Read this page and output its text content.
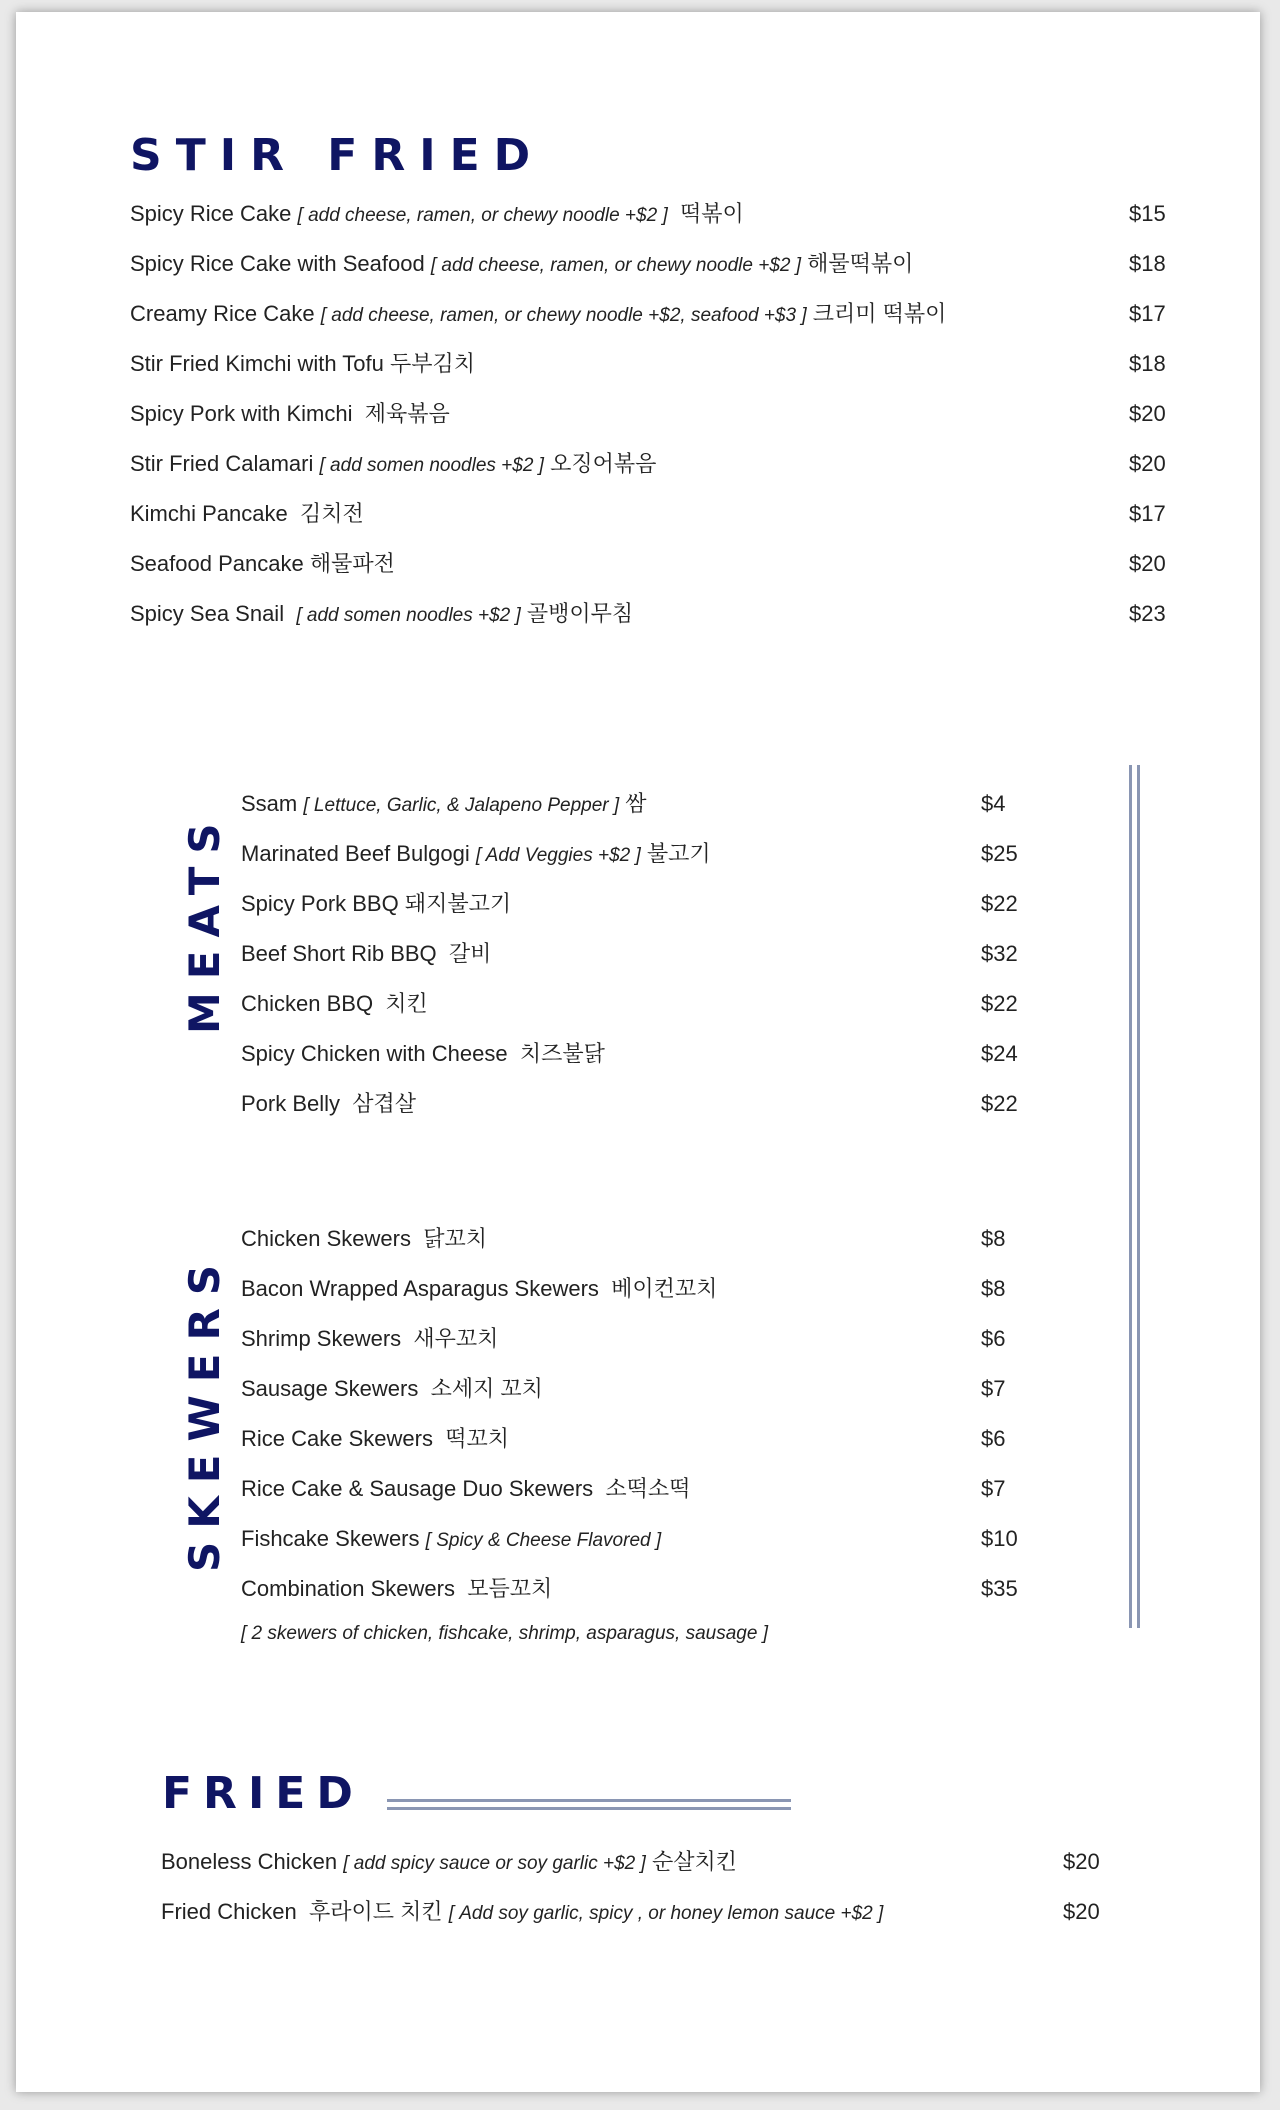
STIR FRIED
Spicy Rice Cake [ add cheese, ramen, or chewy noodle +$2 ] 떡볶이	$15
Spicy Rice Cake with Seafood [ add cheese, ramen, or chewy noodle +$2 ] 해물떡볶이	$18
Creamy Rice Cake [ add cheese, ramen, or chewy noodle +$2, seafood +$3 ] 크리미 떡볶이	$17
Stir Fried Kimchi with Tofu 두부김치	$18
Spicy Pork with Kimchi 제육볶음	$20
Stir Fried Calamari [ add somen noodles +$2 ] 오징어볶음	$20
Kimchi Pancake 김치전	$17
Seafood Pancake 해물파전	$20
Spicy Sea Snail [ add somen noodles +$2 ] 골뱅이무침	$23
MEATS
Ssam [ Lettuce, Garlic, & Jalapeno Pepper ] 쌈	$4
Marinated Beef Bulgogi [ Add Veggies +$2 ] 불고기	$25
Spicy Pork BBQ 돼지불고기	$22
Beef Short Rib BBQ 갈비	$32
Chicken BBQ 치킨	$22
Spicy Chicken with Cheese 치즈불닭	$24
Pork Belly 삼겹살	$22
SKEWERS
Chicken Skewers 닭꼬치	$8
Bacon Wrapped Asparagus Skewers 베이컨꼬치	$8
Shrimp Skewers 새우꼬치	$6
Sausage Skewers 소세지 꼬치	$7
Rice Cake Skewers 떡꼬치	$6
Rice Cake & Sausage Duo Skewers 소떡소떡	$7
Fishcake Skewers [ Spicy & Cheese Flavored ]	$10
Combination Skewers 모듬꼬치	$35
[ 2 skewers of chicken, fishcake, shrimp, asparagus, sausage ]
FRIED
Boneless Chicken [ add spicy sauce or soy garlic +$2 ] 순살치킨	$20
Fried Chicken 후라이드 치킨 [ Add soy garlic, spicy , or honey lemon sauce +$2 ]	$20
